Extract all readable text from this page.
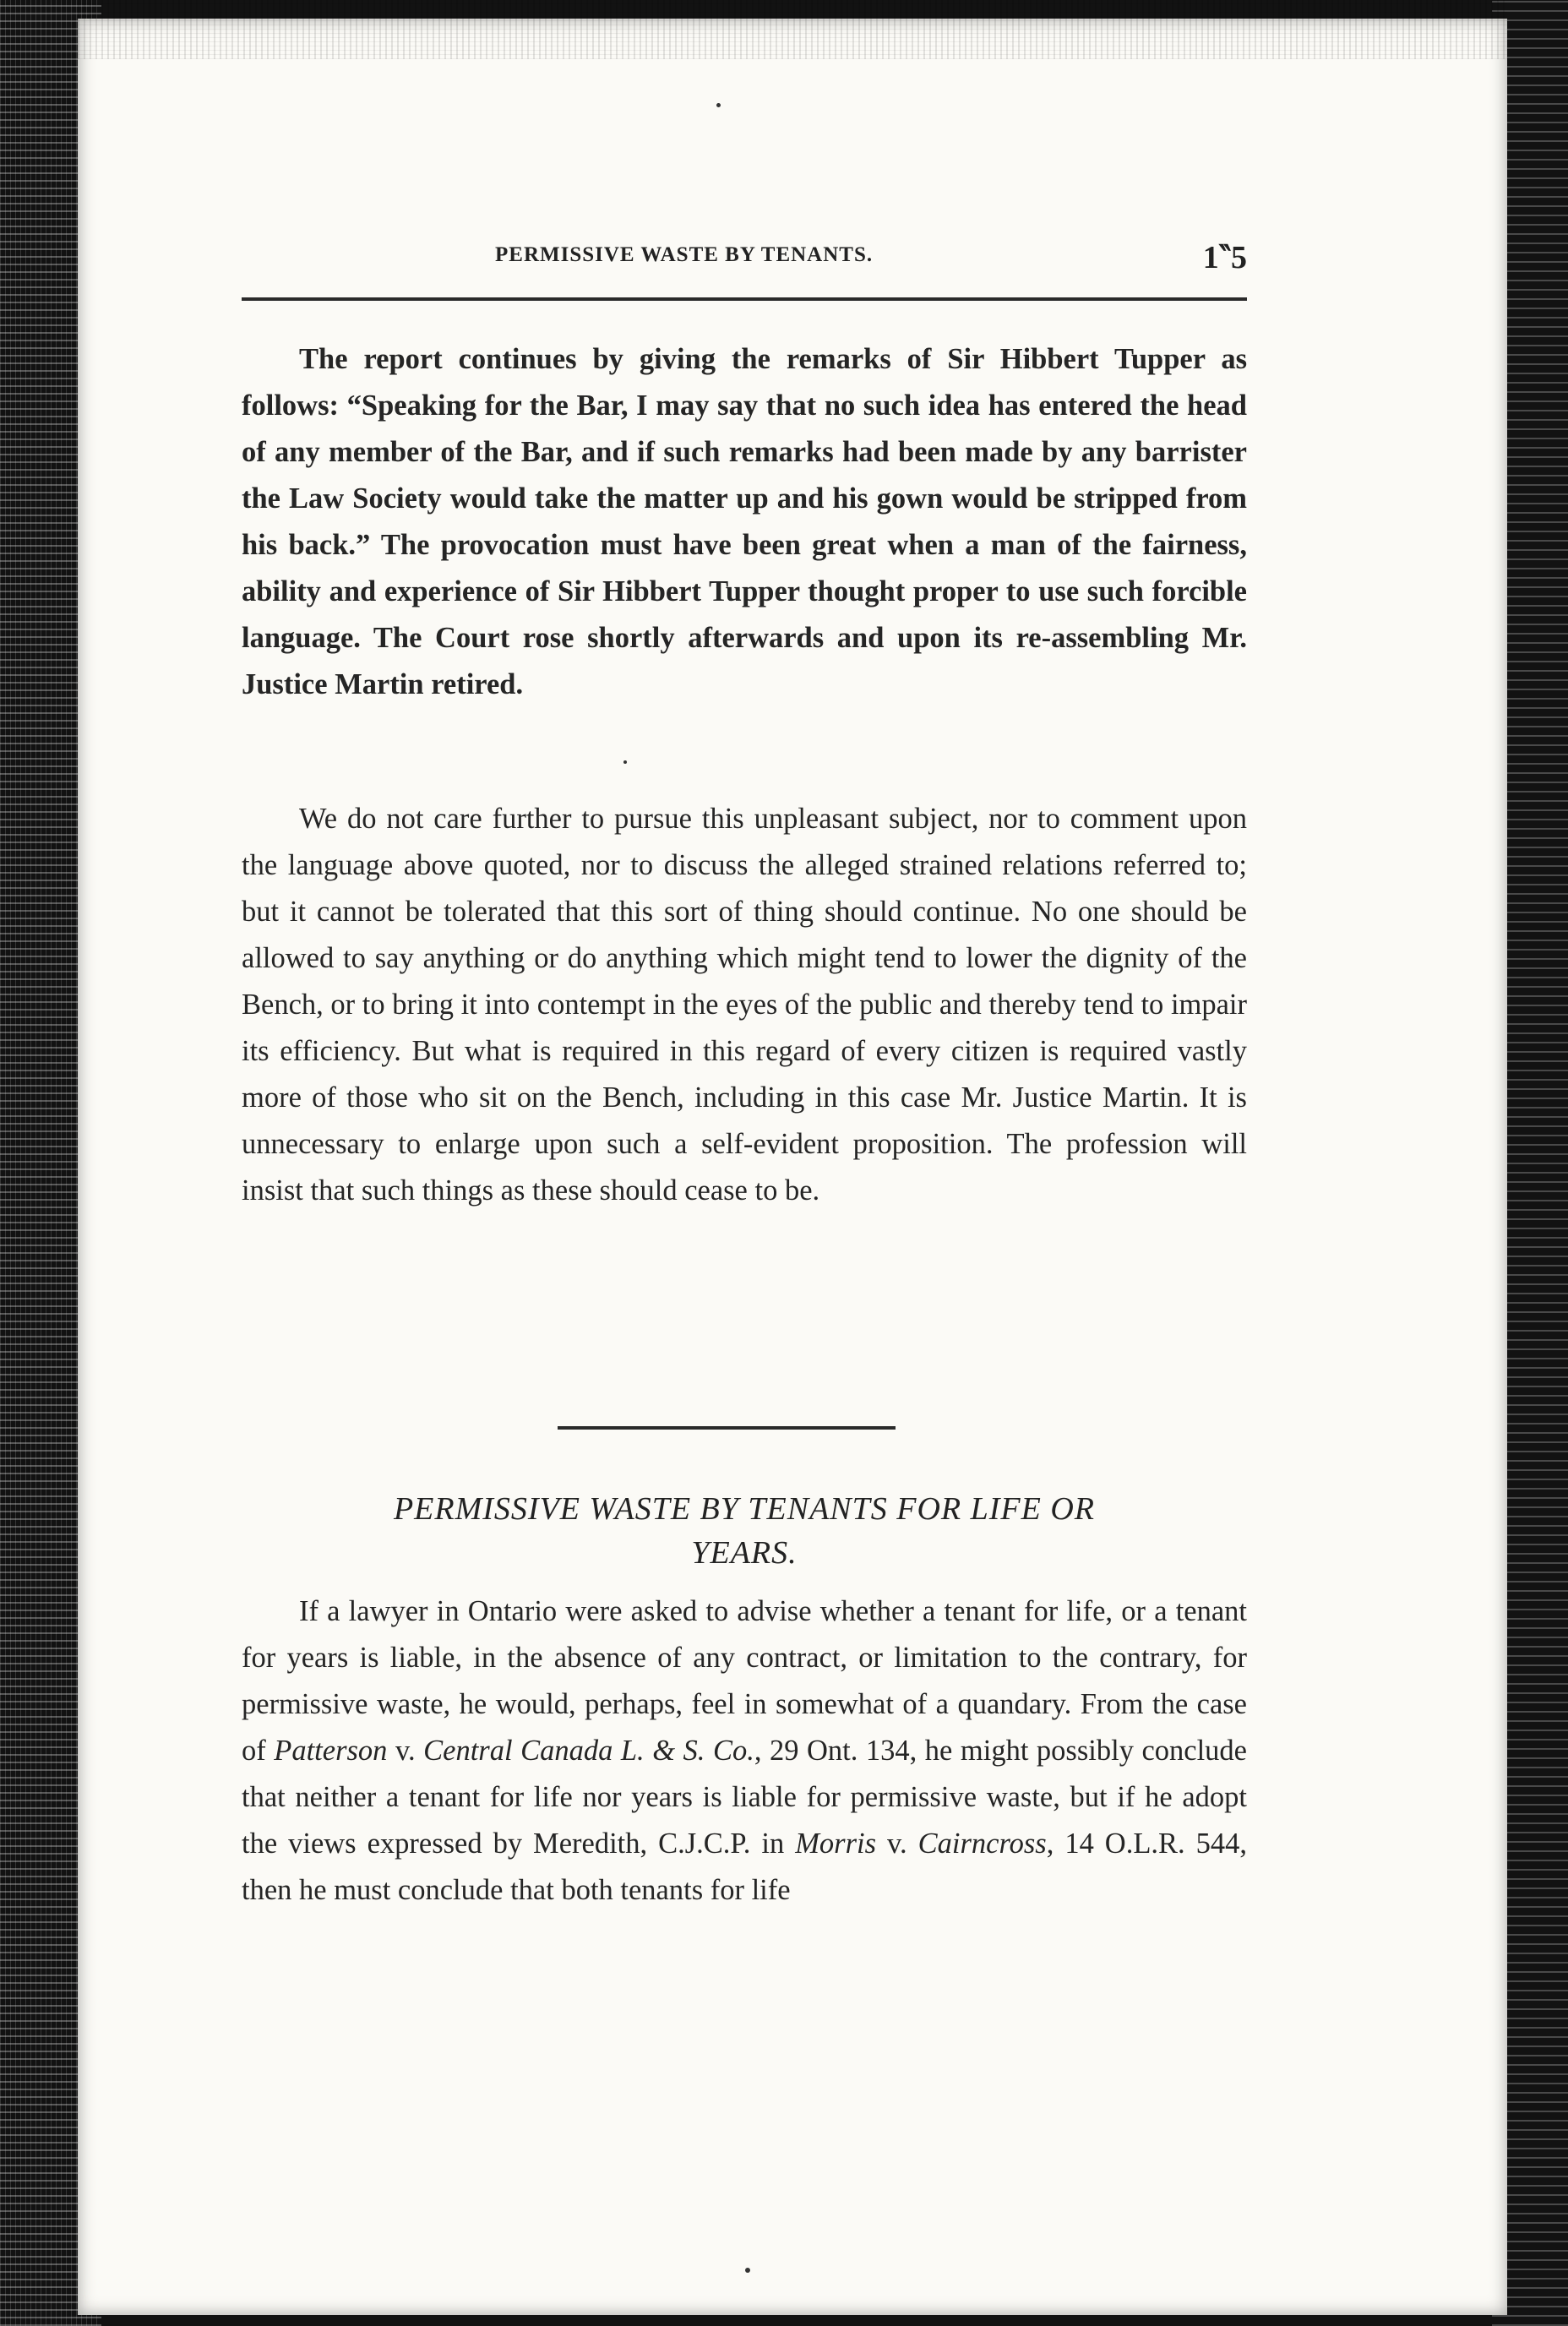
PERMISSIVE WASTE BY TENANTS.	1‶5

The report continues by giving the remarks of Sir Hibbert Tupper as follows: “Speaking for the Bar, I may say that no such idea has entered the head of any member of the Bar, and if such remarks had been made by any barrister the Law Society would take the matter up and his gown would be stripped from his back.” The provocation must have been great when a man of the fairness, ability and experience of Sir Hibbert Tupper thought proper to use such forcible language. The Court rose shortly afterwards and upon its re-assembling Mr. Justice Martin retired.

We do not care further to pursue this unpleasant subject, nor to comment upon the language above quoted, nor to discuss the alleged strained relations referred to; but it cannot be tolerated that this sort of thing should continue. No one should be allowed to say anything or do anything which might tend to lower the dignity of the Bench, or to bring it into contempt in the eyes of the public and thereby tend to impair its efficiency. But what is required in this regard of every citizen is required vastly more of those who sit on the Bench, including in this case Mr. Justice Martin. It is unnecessary to enlarge upon such a self-evident proposition. The profession will insist that such things as these should cease to be.

PERMISSIVE WASTE BY TENANTS FOR LIFE OR
YEARS.

If a lawyer in Ontario were asked to advise whether a tenant for life, or a tenant for years is liable, in the absence of any contract, or limitation to the contrary, for permissive waste, he would, perhaps, feel in somewhat of a quandary. From the case of Patterson v. Central Canada L. & S. Co., 29 Ont. 134, he might possibly conclude that neither a tenant for life nor years is liable for permissive waste, but if he adopt the views expressed by Meredith, C.J.C.P. in Morris v. Cairncross, 14 O.L.R. 544, then he must conclude that both tenants for life
